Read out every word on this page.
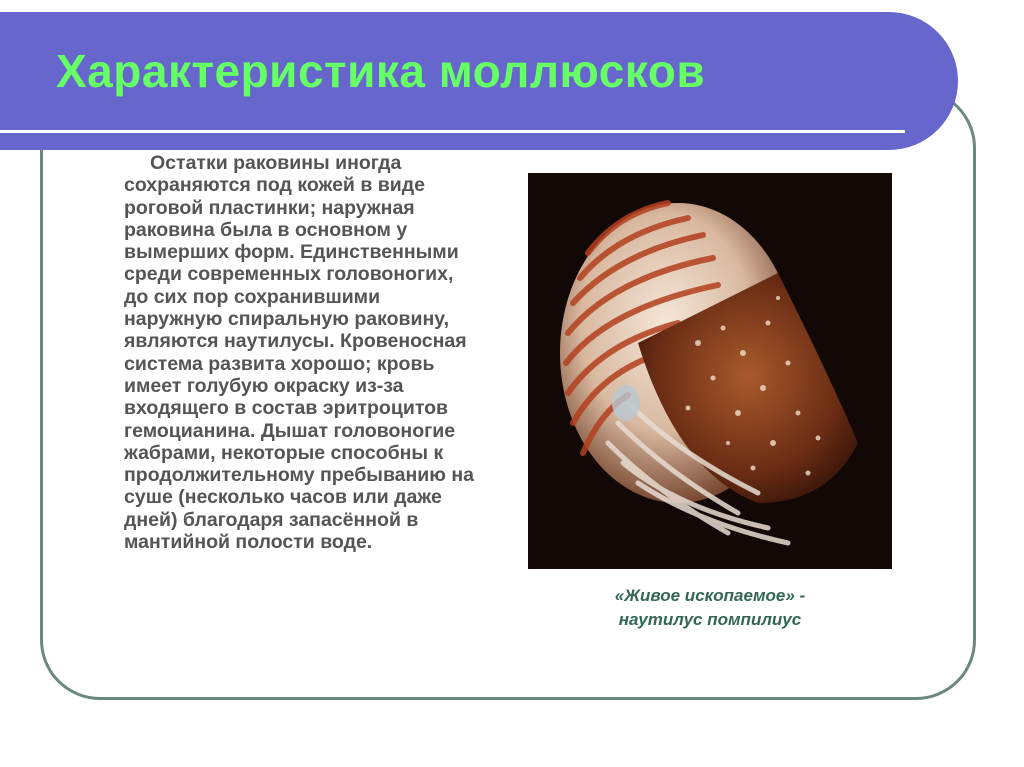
Характеристика моллюсков

Остатки раковины иногда сохраняются под кожей в виде роговой пластинки; наружная раковина была в основном у вымерших форм. Единственными среди современных головоногих, до сих пор сохранившими наружную спиральную раковину, являются наутилусы. Кровеносная система развита хорошо; кровь имеет голубую окраску из-за входящего в состав эритроцитов гемоцианина. Дышат головоногие жабрами, некоторые способны к продолжительному пребыванию на суше (несколько часов или даже дней) благодаря запасённой в мантийной полости воде.

«Живое ископаемое» -
наутилус помпилиус
